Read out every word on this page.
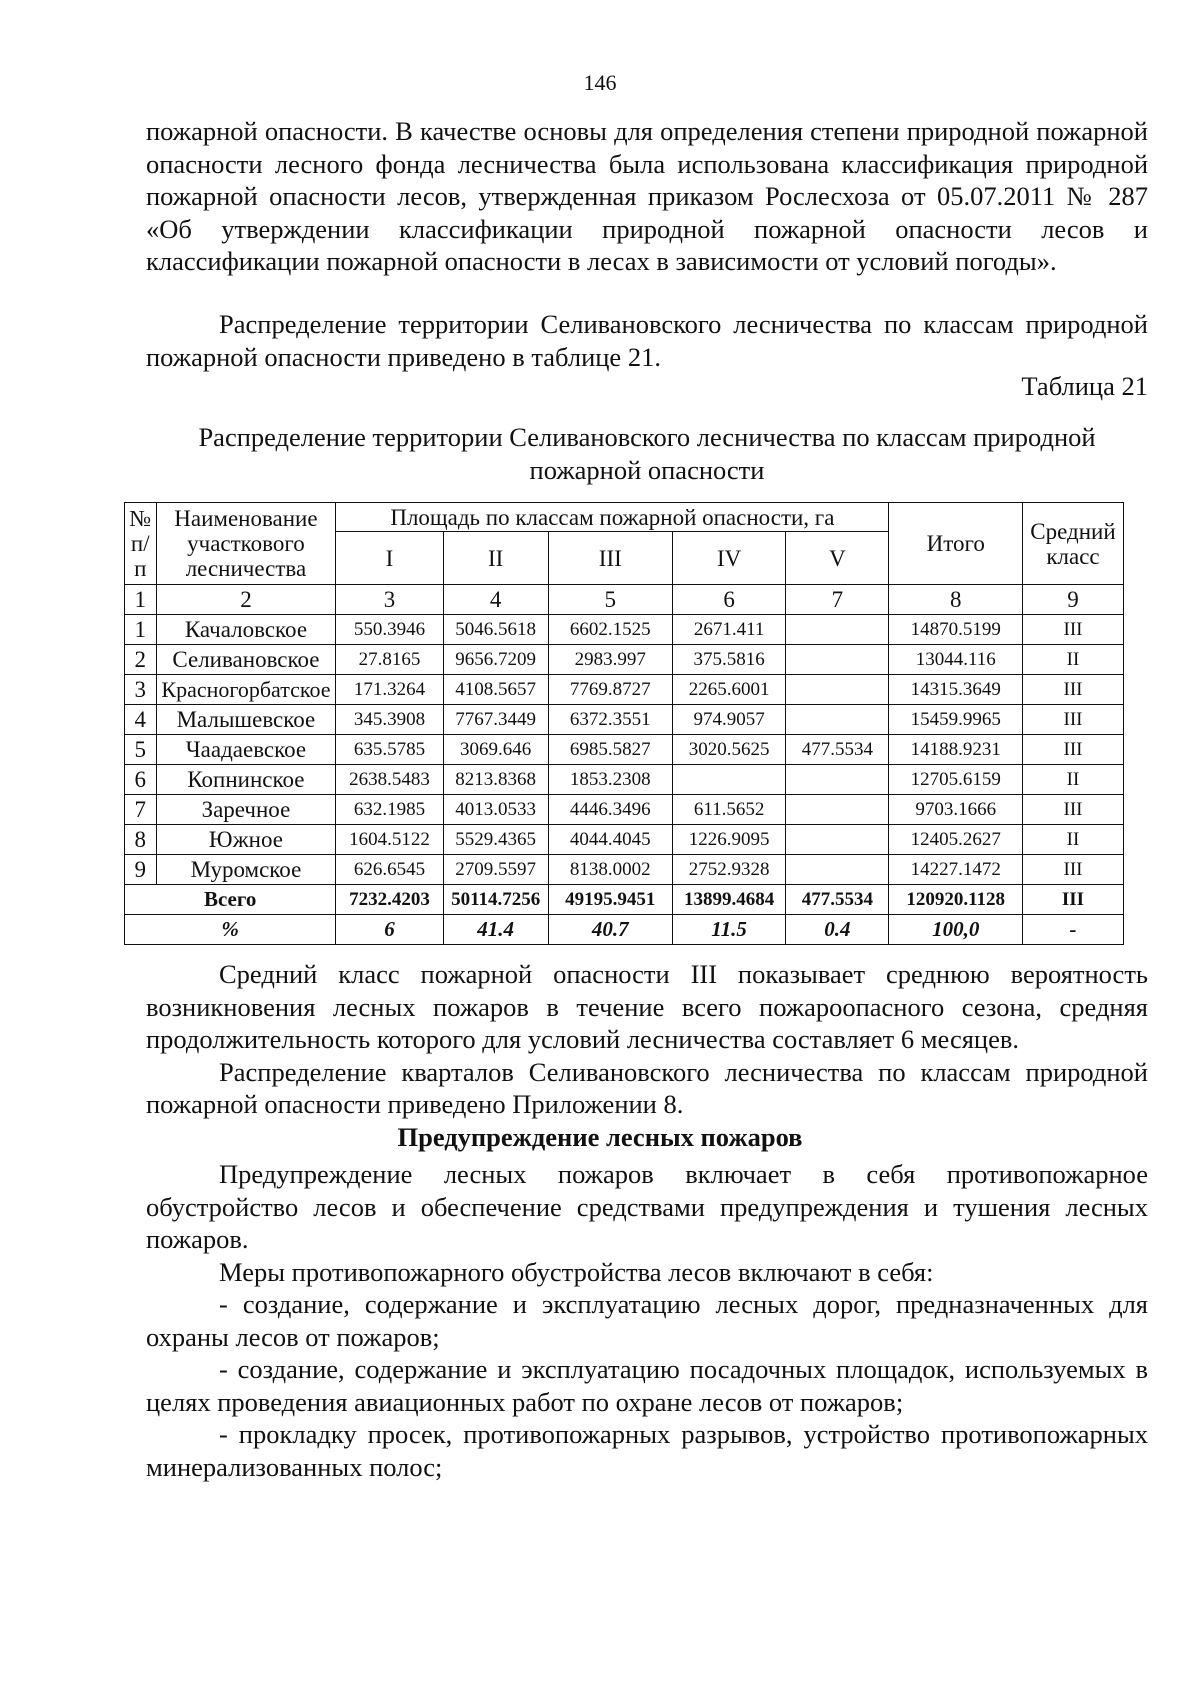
146

пожарной опасности. В качестве основы для определения степени природной пожарной опасности лесного фонда лесничества была использована классификация природной пожарной опасности лесов, утвержденная приказом Рослесхоза от 05.07.2011 № 287 «Об утверждении классификации природной пожарной опасности лесов и классификации пожарной опасности в лесах в зависимости от условий погоды».

Распределение территории Селивановского лесничества по классам природной пожарной опасности приведено в таблице 21.

Таблица 21
Распределение территории Селивановского лесничества по классам природной пожарной опасности
№ п/п	Наименование участкового лесничества	Площадь по классам пожарной опасности, га					Итого	Средний класс
		I	II	III	IV	V		
1	2	3	4	5	6	7	8	9
1	Качаловское	550.3946	5046.5618	6602.1525	2671.411		14870.5199	III
2	Селивановское	27.8165	9656.7209	2983.997	375.5816		13044.116	II
3	Красногорбатское	171.3264	4108.5657	7769.8727	2265.6001		14315.3649	III
4	Малышевское	345.3908	7767.3449	6372.3551	974.9057		15459.9965	III
5	Чаадаевское	635.5785	3069.646	6985.5827	3020.5625	477.5534	14188.9231	III
6	Копнинское	2638.5483	8213.8368	1853.2308			12705.6159	II
7	Заречное	632.1985	4013.0533	4446.3496	611.5652		9703.1666	III
8	Южное	1604.5122	5529.4365	4044.4045	1226.9095		12405.2627	II
9	Муромское	626.6545	2709.5597	8138.0002	2752.9328		14227.1472	III
Всего		7232.4203	50114.7256	49195.9451	13899.4684	477.5534	120920.1128	III
%		6	41.4	40.7	11.5	0.4	100,0	-

Средний класс пожарной опасности III показывает среднюю вероятность возникновения лесных пожаров в течение всего пожароопасного сезона, средняя продолжительность которого для условий лесничества составляет 6 месяцев.

Распределение кварталов Селивановского лесничества по классам природной пожарной опасности приведено Приложении 8.

Предупреждение лесных пожаров

Предупреждение лесных пожаров включает в себя противопожарное обустройство лесов и обеспечение средствами предупреждения и тушения лесных пожаров.

Меры противопожарного обустройства лесов включают в себя:

- создание, содержание и эксплуатацию лесных дорог, предназначенных для охраны лесов от пожаров;

- создание, содержание и эксплуатацию посадочных площадок, используемых в целях проведения авиационных работ по охране лесов от пожаров;

- прокладку просек, противопожарных разрывов, устройство противопожарных минерализованных полос;
